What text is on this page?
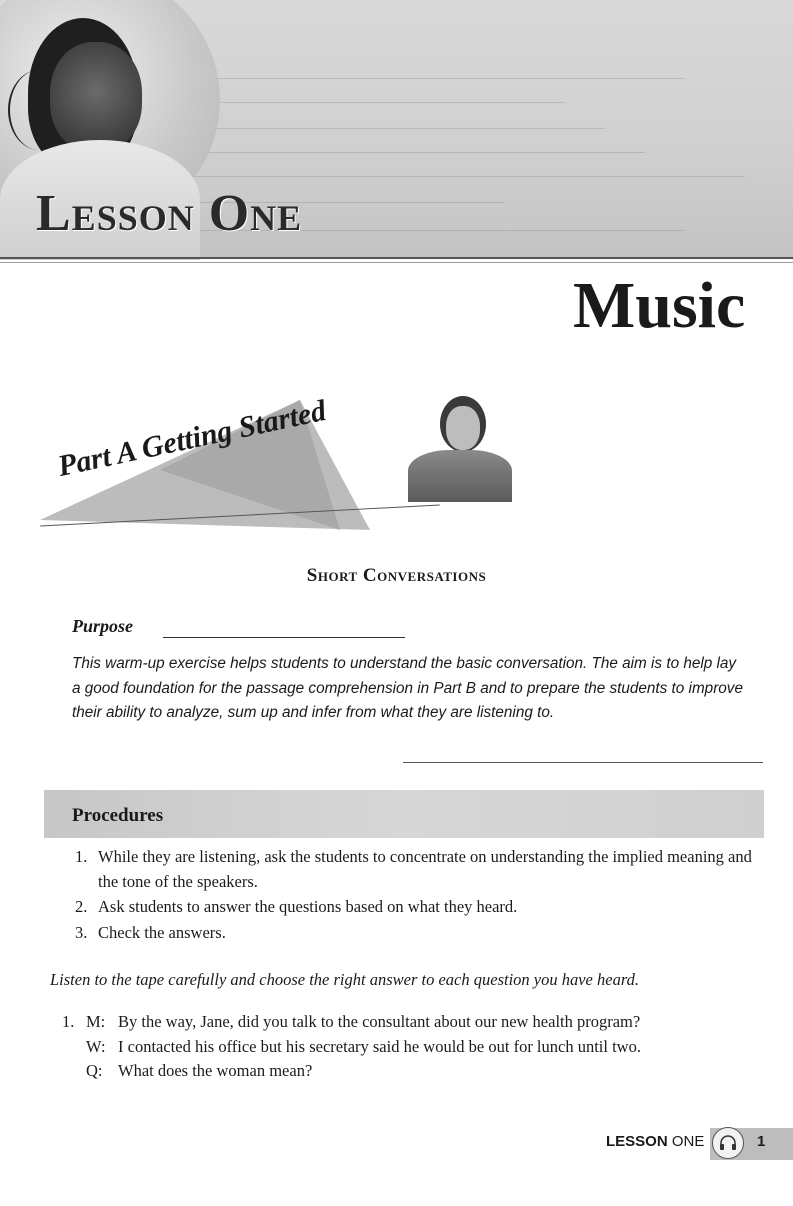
Lesson One
Music
Part A Getting Started
Short Conversations
Purpose
This warm-up exercise helps students to understand the basic conversation. The aim is to help lay a good foundation for the passage comprehension in Part B and to prepare the students to improve their ability to analyze, sum up and infer from what they are listening to.
Procedures
1. While they are listening, ask the students to concentrate on understanding the implied meaning and the tone of the speakers.
2. Ask students to answer the questions based on what they heard.
3. Check the answers.
Listen to the tape carefully and choose the right answer to each question you have heard.
1. M: By the way, Jane, did you talk to the consultant about our new health program?
W: I contacted his office but his secretary said he would be out for lunch until two.
Q: What does the woman mean?
LESSON ONE	1
